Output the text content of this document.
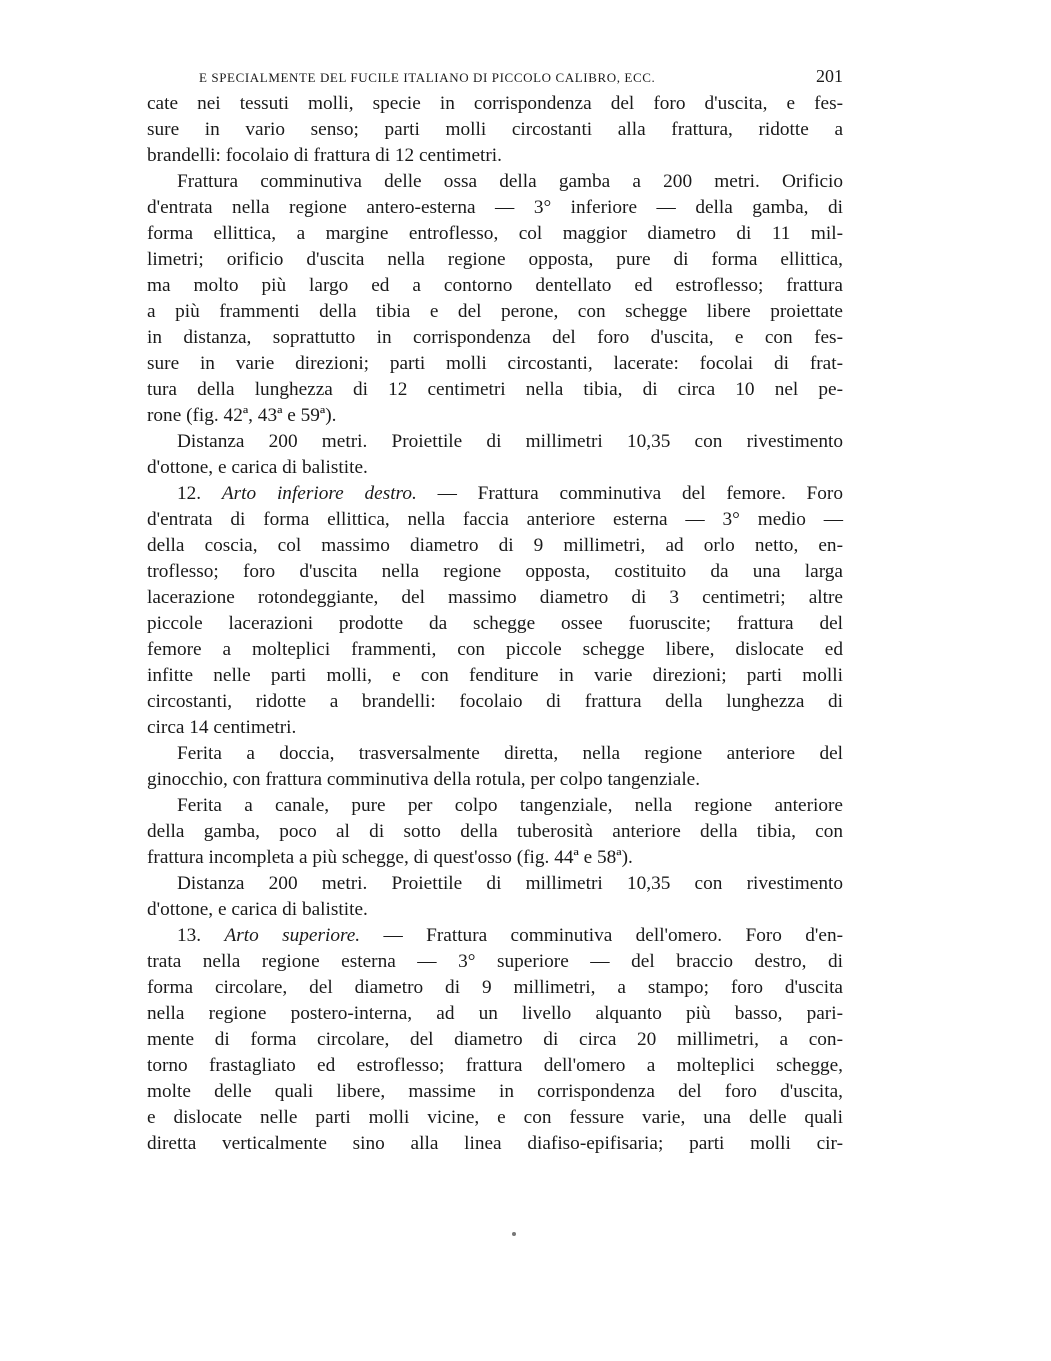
E SPECIALMENTE DEL FUCILE ITALIANO DI PICCOLO CALIBRO, ECC.	201

cate nei tessuti molli, specie in corrispondenza del foro d'uscita, e fes-
sure in vario senso; parti molli circostanti alla frattura, ridotte a
brandelli: focolaio di frattura di 12 centimetri.

Frattura comminutiva delle ossa della gamba a 200 metri. Orificio
d'entrata nella regione antero-esterna — 3° inferiore — della gamba, di
forma ellittica, a margine entroflesso, col maggior diametro di 11 mil-
limetri; orificio d'uscita nella regione opposta, pure di forma ellittica,
ma molto più largo ed a contorno dentellato ed estroflesso; frattura
a più frammenti della tibia e del perone, con schegge libere proiettate
in distanza, soprattutto in corrispondenza del foro d'uscita, e con fes-
sure in varie direzioni; parti molli circostanti, lacerate: focolai di frat-
tura della lunghezza di 12 centimetri nella tibia, di circa 10 nel pe-
rone (fig. 42ª, 43ª e 59ª).

Distanza 200 metri. Proiettile di millimetri 10,35 con rivestimento
d'ottone, e carica di balistite.

12. Arto inferiore destro. — Frattura comminutiva del femore. Foro
d'entrata di forma ellittica, nella faccia anteriore esterna — 3° medio —
della coscia, col massimo diametro di 9 millimetri, ad orlo netto, en-
troflesso; foro d'uscita nella regione opposta, costituito da una larga
lacerazione rotondeggiante, del massimo diametro di 3 centimetri; altre
piccole lacerazioni prodotte da schegge ossee fuoruscite; frattura del
femore a molteplici frammenti, con piccole schegge libere, dislocate ed
infitte nelle parti molli, e con fenditure in varie direzioni; parti molli
circostanti, ridotte a brandelli: focolaio di frattura della lunghezza di
circa 14 centimetri.

Ferita a doccia, trasversalmente diretta, nella regione anteriore del
ginocchio, con frattura comminutiva della rotula, per colpo tangenziale.

Ferita a canale, pure per colpo tangenziale, nella regione anteriore
della gamba, poco al di sotto della tuberosità anteriore della tibia, con
frattura incompleta a più schegge, di quest'osso (fig. 44ª e 58ª).

Distanza 200 metri. Proiettile di millimetri 10,35 con rivestimento
d'ottone, e carica di balistite.

13. Arto superiore. — Frattura comminutiva dell'omero. Foro d'en-
trata nella regione esterna — 3° superiore — del braccio destro, di
forma circolare, del diametro di 9 millimetri, a stampo; foro d'uscita
nella regione postero-interna, ad un livello alquanto più basso, pari-
mente di forma circolare, del diametro di circa 20 millimetri, a con-
torno frastagliato ed estroflesso; frattura dell'omero a molteplici schegge,
molte delle quali libere, massime in corrispondenza del foro d'uscita,
e dislocate nelle parti molli vicine, e con fessure varie, una delle quali
diretta verticalmente sino alla linea diafiso-epifisaria; parti molli cir-
